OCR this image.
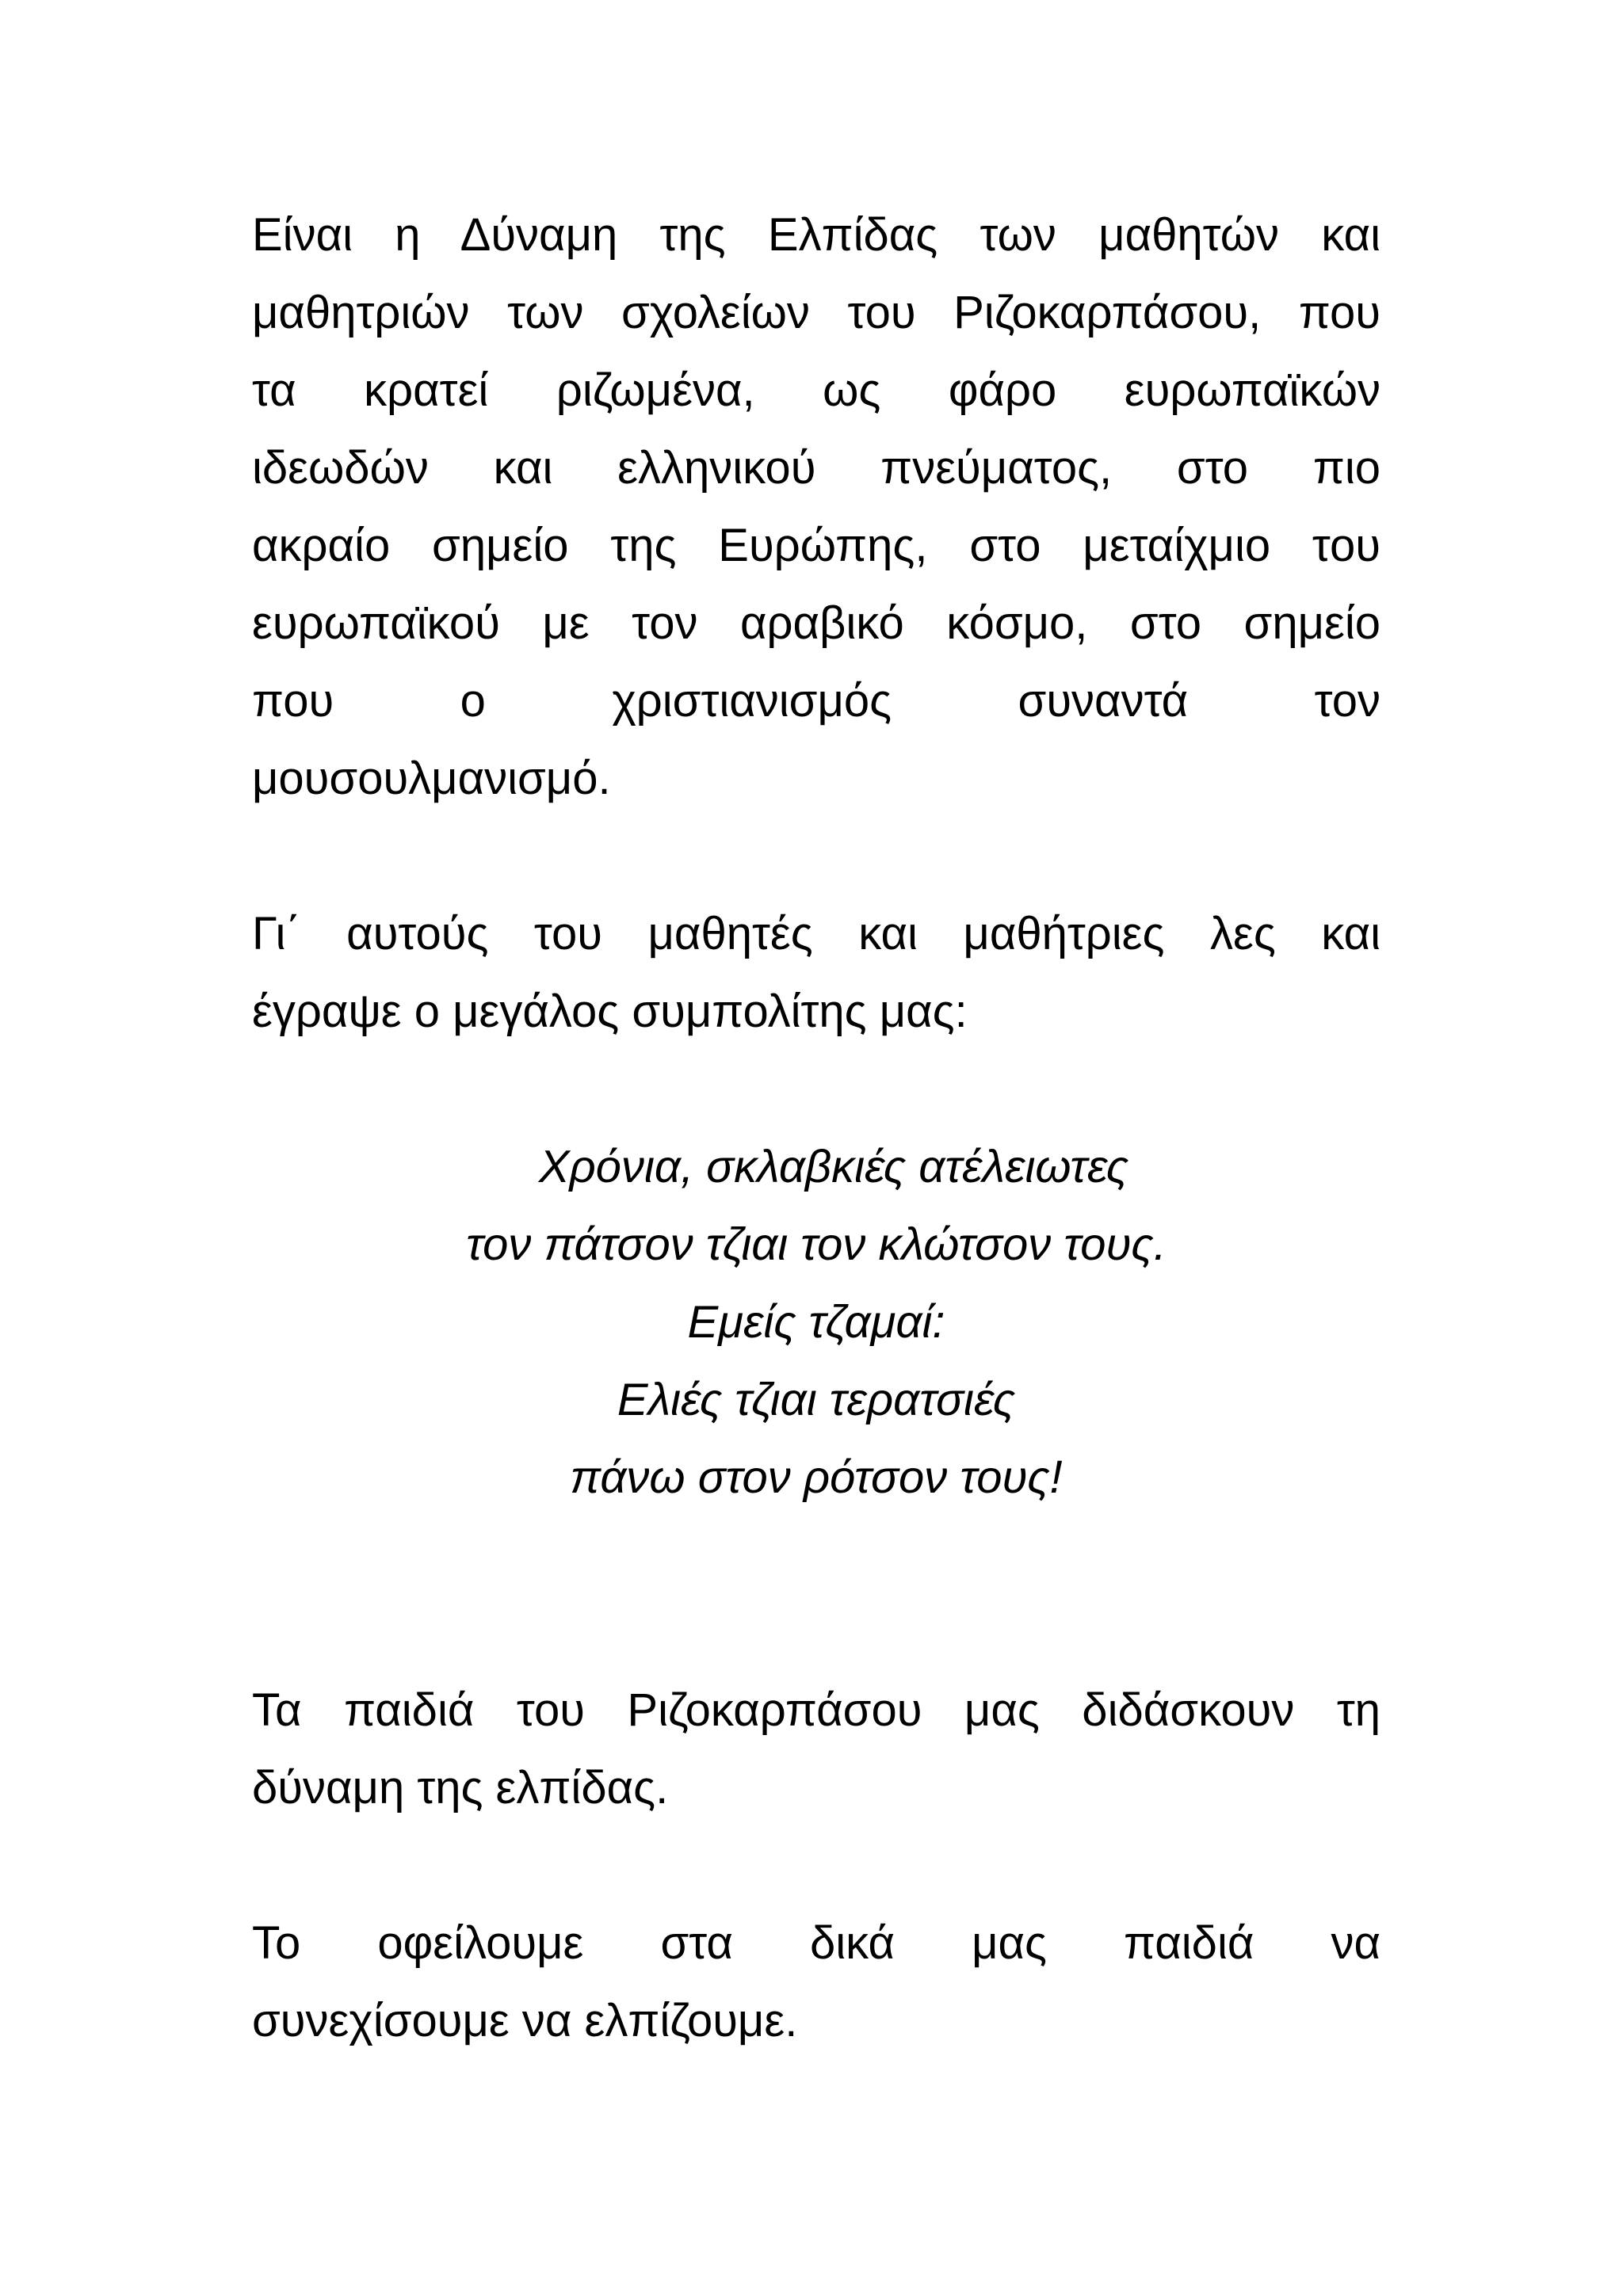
Είναι η Δύναμη της Ελπίδας των μαθητών και
μαθητριών των σχολείων του Ριζοκαρπάσου, που
τα κρατεί ριζωμένα, ως φάρο ευρωπαϊκών
ιδεωδών και ελληνικού πνεύματος, στο πιο
ακραίο σημείο της Ευρώπης, στο μεταίχμιο του
ευρωπαϊκού με τον αραβικό κόσμο, στο σημείο
που ο χριστιανισμός συναντά τον
μουσουλμανισμό.

Γι΄ αυτούς του μαθητές και μαθήτριες λες και
έγραψε ο μεγάλος συμπολίτης μας:

Χρόνια, σκλαβκιές ατέλειωτες
τον πάτσον τζιαι τον κλώτσον τους.
Εμείς τζαμαί:
Ελιές τζιαι τερατσιές
πάνω στον ρότσον τους!

Τα παιδιά του Ριζοκαρπάσου μας διδάσκουν τη
δύναμη της ελπίδας.

Το οφείλουμε στα δικά μας παιδιά να
συνεχίσουμε να ελπίζουμε.
